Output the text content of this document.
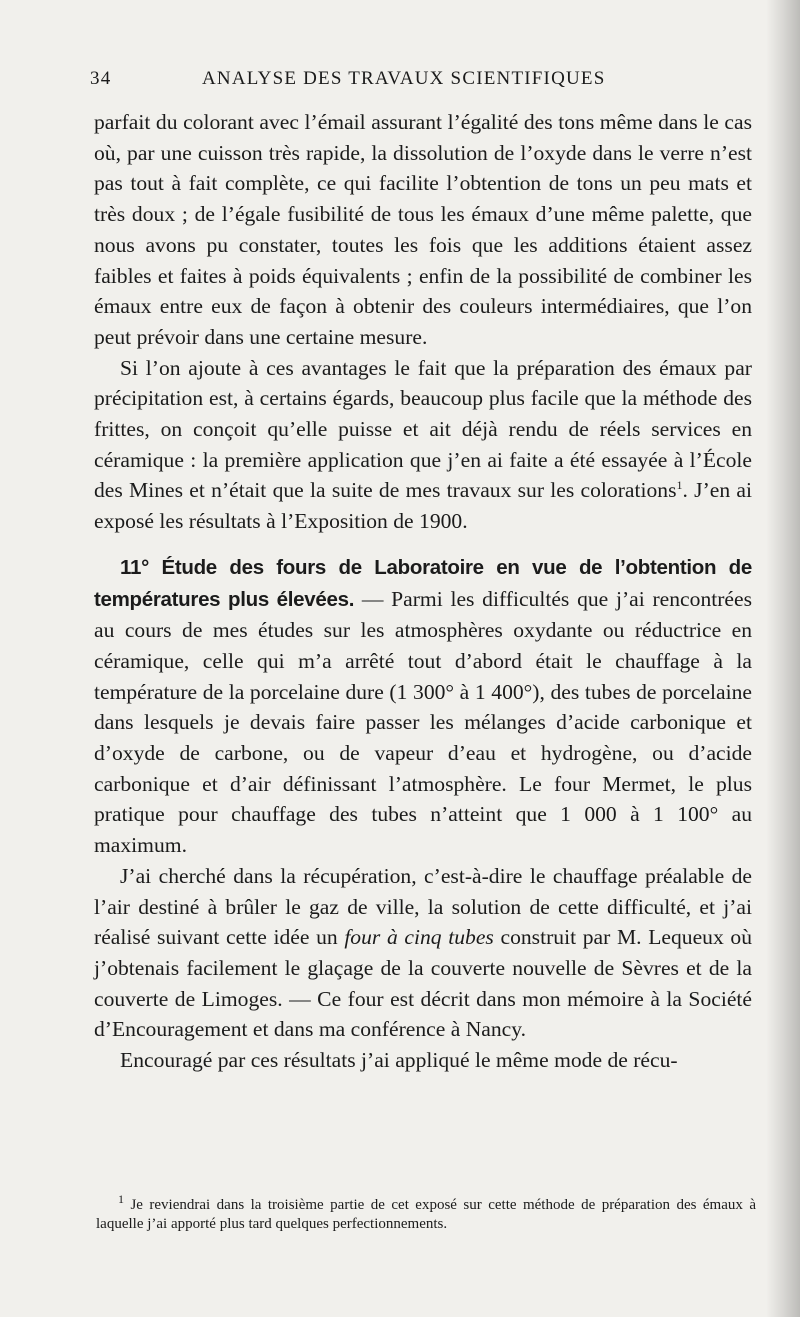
34	ANALYSE DES TRAVAUX SCIENTIFIQUES

parfait du colorant avec l’émail assurant l’égalité des tons même dans le cas où, par une cuisson très rapide, la dissolution de l’oxyde dans le verre n’est pas tout à fait complète, ce qui facilite l’obtention de tons un peu mats et très doux ; de l’égale fusibilité de tous les émaux d’une même palette, que nous avons pu constater, toutes les fois que les additions étaient assez faibles et faites à poids équivalents ; enfin de la possibilité de combiner les émaux entre eux de façon à obtenir des couleurs intermédiaires, que l’on peut prévoir dans une certaine mesure.

Si l’on ajoute à ces avantages le fait que la préparation des émaux par précipitation est, à certains égards, beaucoup plus facile que la méthode des frittes, on conçoit qu’elle puisse et ait déjà rendu de réels services en céramique : la première application que j’en ai faite a été essayée à l’École des Mines et n’était que la suite de mes travaux sur les colorations$^1$. J’en ai exposé les résultats à l’Exposition de 1900.

11° Étude des fours de Laboratoire en vue de l’obtention de températures plus élevées. — Parmi les difficultés que j’ai rencontrées au cours de mes études sur les atmosphères oxydante ou réductrice en céramique, celle qui m’a arrêté tout d’abord était le chauffage à la température de la porcelaine dure (1 300° à 1 400°), des tubes de porcelaine dans lesquels je devais faire passer les mélanges d’acide carbonique et d’oxyde de carbone, ou de vapeur d’eau et hydrogène, ou d’acide carbonique et d’air définissant l’atmosphère. Le four Mermet, le plus pratique pour chauffage des tubes n’atteint que 1 000 à 1 100° au maximum.

J’ai cherché dans la récupération, c’est-à-dire le chauffage préalable de l’air destiné à brûler le gaz de ville, la solution de cette difficulté, et j’ai réalisé suivant cette idée un four à cinq tubes construit par M. Lequeux où j’obtenais facilement le glaçage de la couverte nouvelle de Sèvres et de la couverte de Limoges. — Ce four est décrit dans mon mémoire à la Société d’Encouragement et dans ma conférence à Nancy.

Encouragé par ces résultats j’ai appliqué le même mode de récu-

$^1$ Je reviendrai dans la troisième partie de cet exposé sur cette méthode de préparation des émaux à laquelle j’ai apporté plus tard quelques perfectionnements.
